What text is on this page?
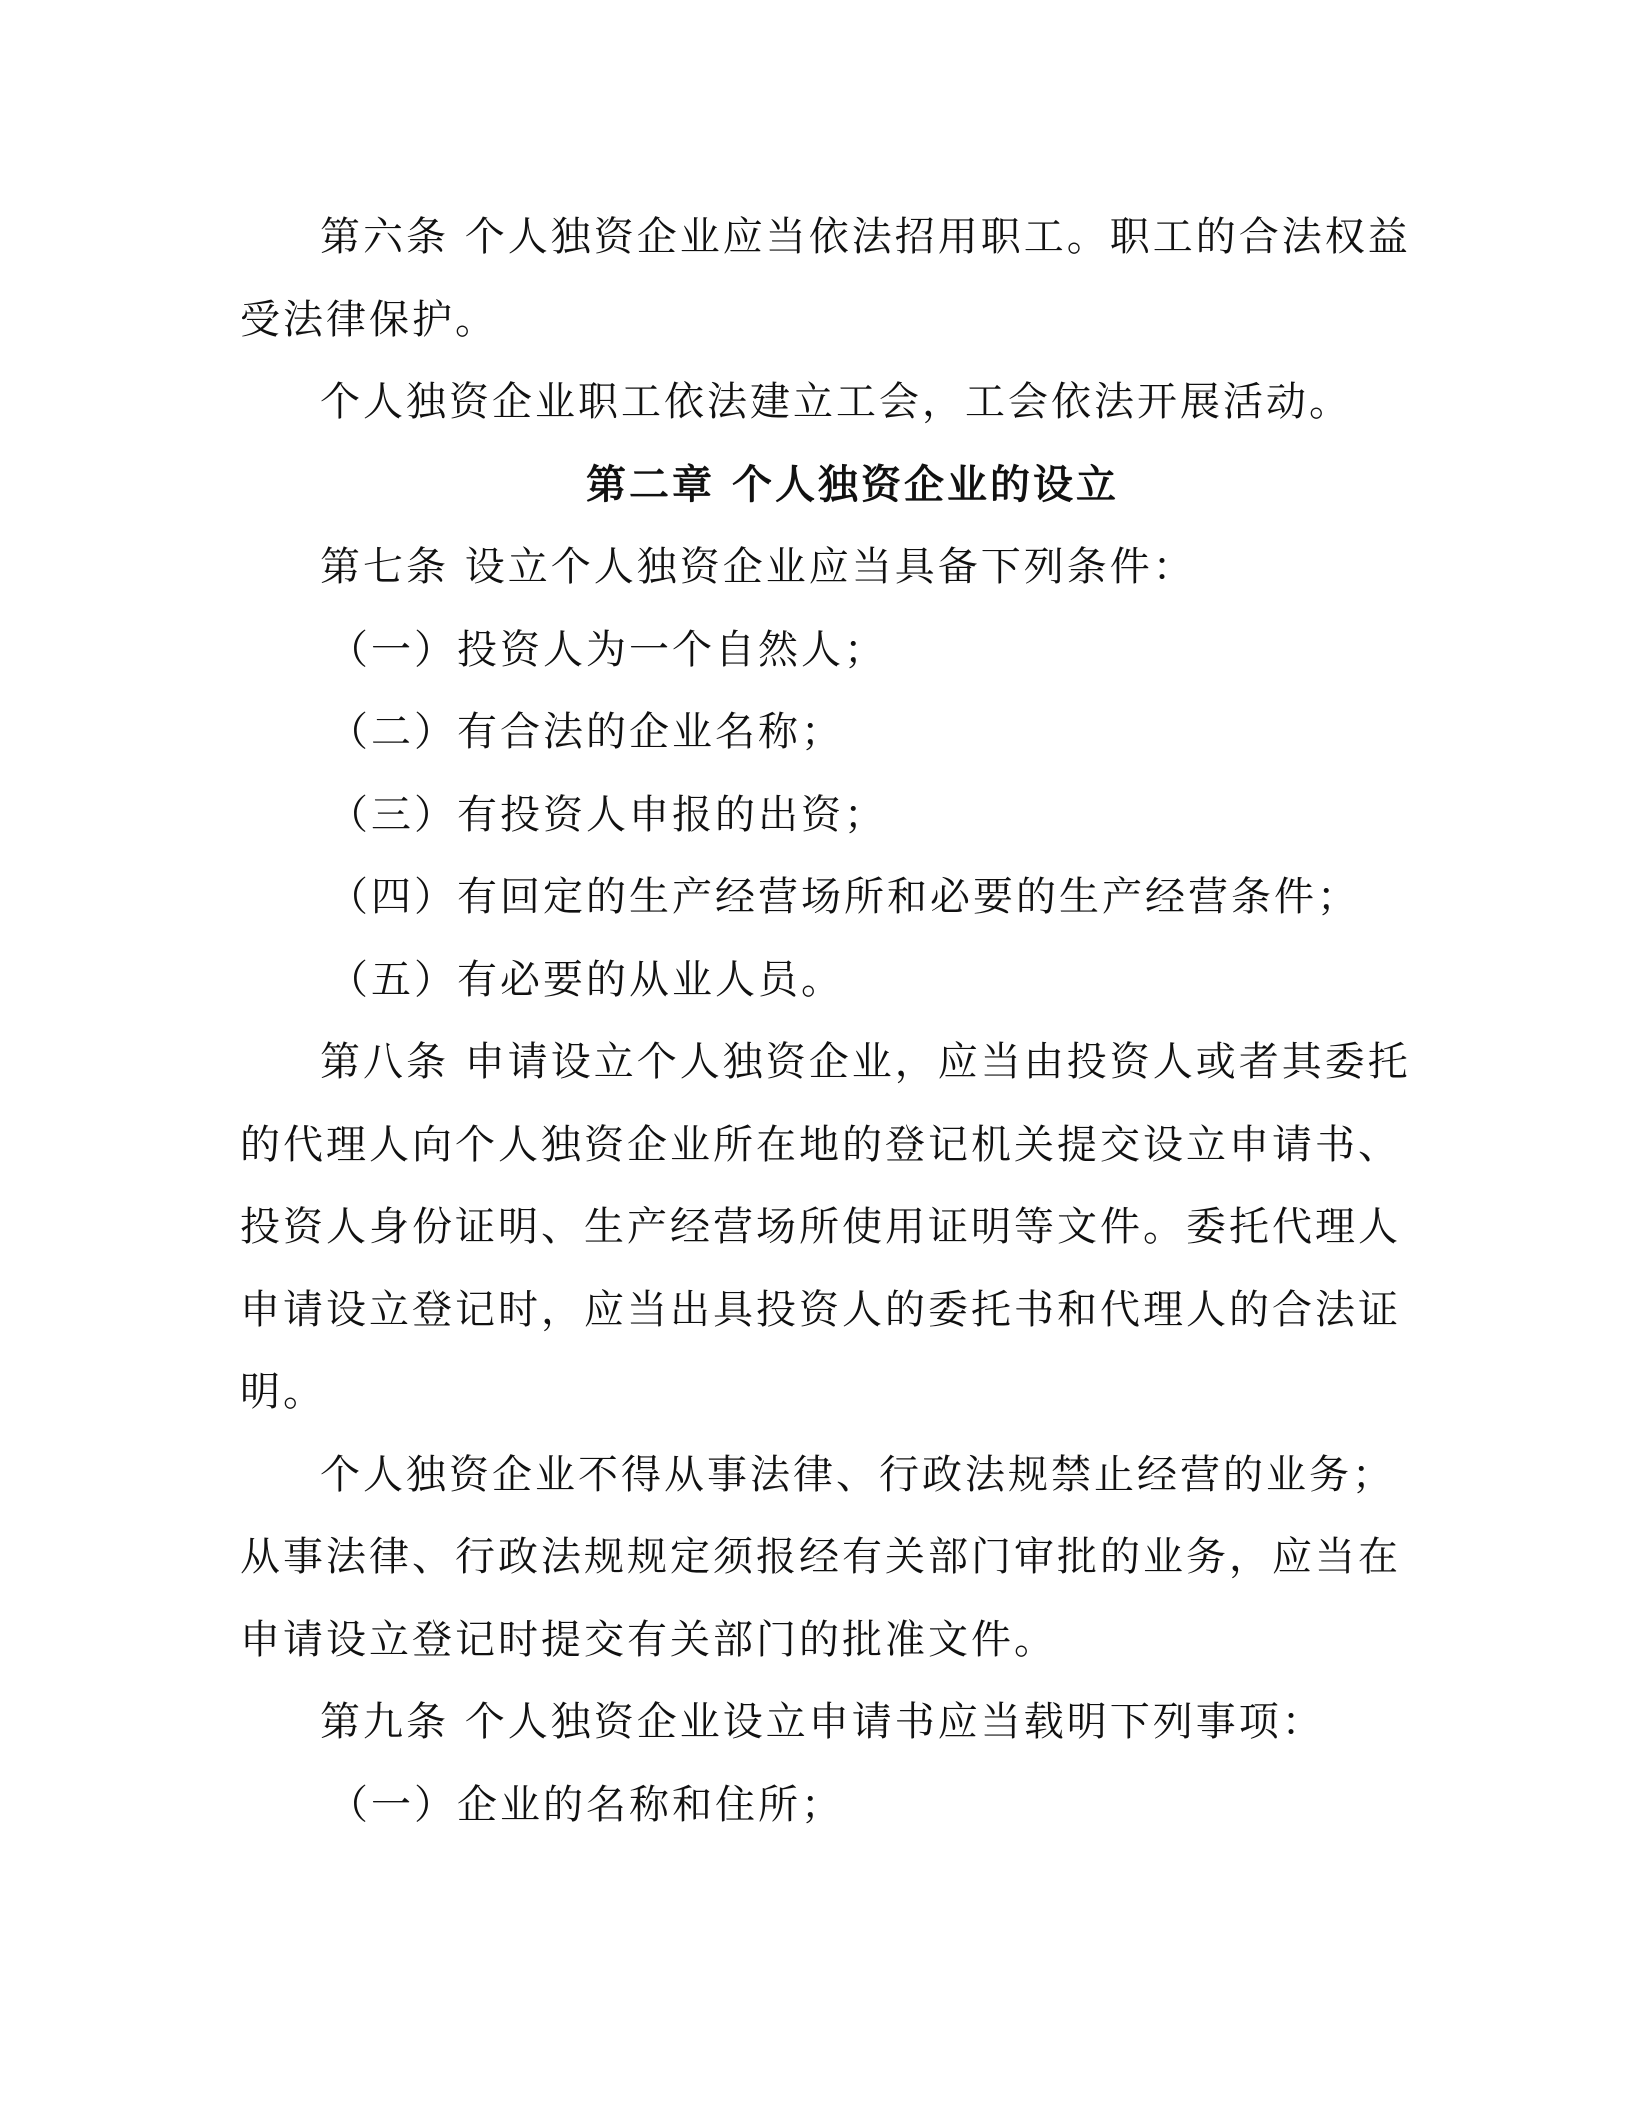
第六条 个人独资企业应当依法招用职工。职工的合法权益
受法律保护。
个人独资企业职工依法建立工会，工会依法开展活动。
第二章 个人独资企业的设立
第七条 设立个人独资企业应当具备下列条件：
（一）投资人为一个自然人；
（二）有合法的企业名称；
（三）有投资人申报的出资；
（四）有回定的生产经营场所和必要的生产经营条件；
（五）有必要的从业人员。
第八条 申请设立个人独资企业，应当由投资人或者其委托
的代理人向个人独资企业所在地的登记机关提交设立申请书、
投资人身份证明、生产经营场所使用证明等文件。委托代理人
申请设立登记时，应当出具投资人的委托书和代理人的合法证
明。
个人独资企业不得从事法律、行政法规禁止经营的业务；
从事法律、行政法规规定须报经有关部门审批的业务，应当在
申请设立登记时提交有关部门的批准文件。
第九条 个人独资企业设立申请书应当载明下列事项：
（一）企业的名称和住所；
